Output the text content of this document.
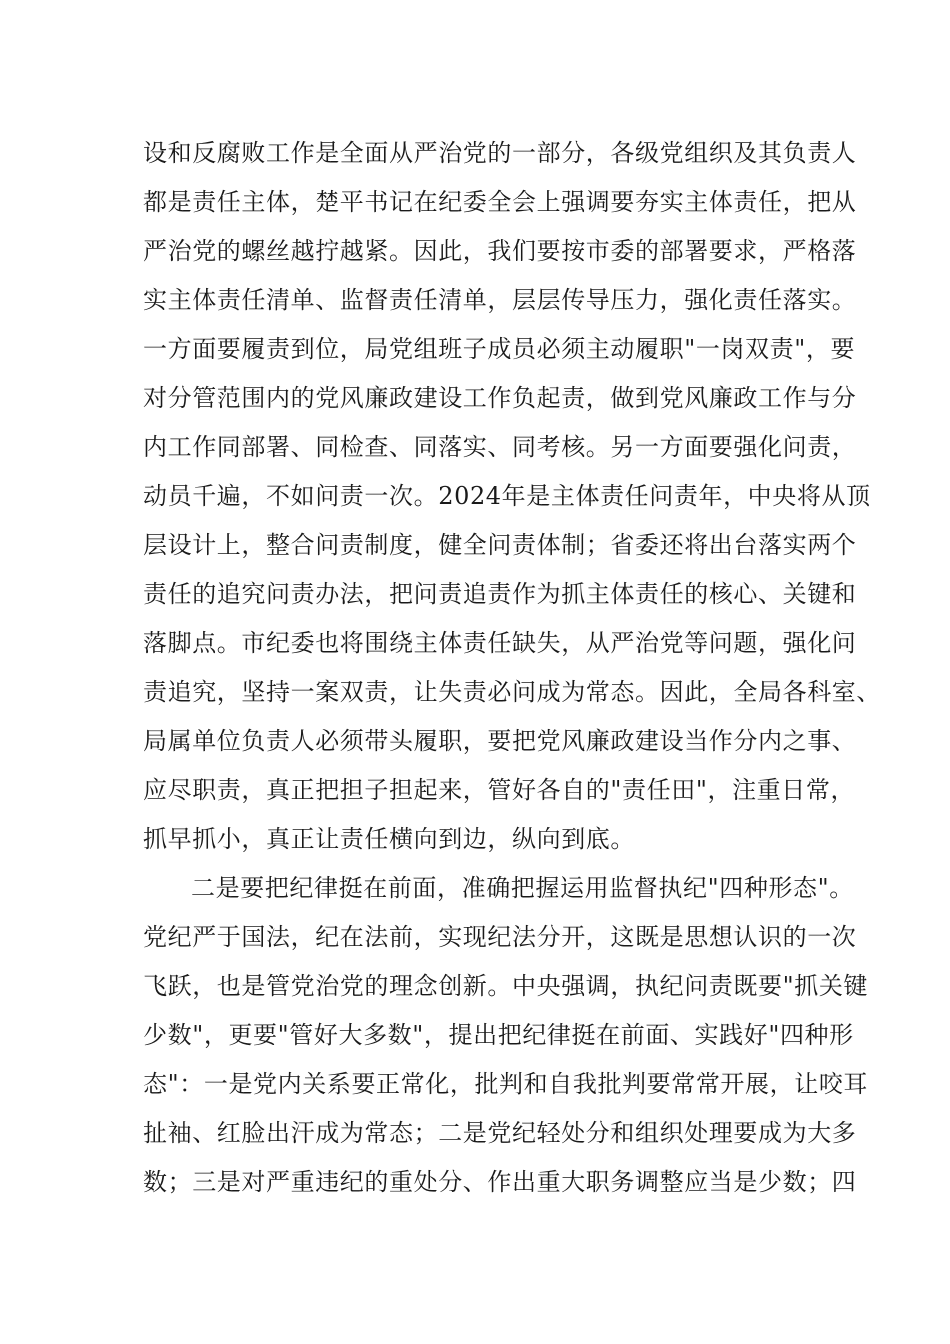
设和反腐败工作是全面从严治党的一部分，各级党组织及其负责人
都是责任主体，楚平书记在纪委全会上强调要夯实主体责任，把从
严治党的螺丝越拧越紧。因此，我们要按市委的部署要求，严格落
实主体责任清单、监督责任清单，层层传导压力，强化责任落实。
一方面要履责到位，局党组班子成员必须主动履职"一岗双责"，要
对分管范围内的党风廉政建设工作负起责，做到党风廉政工作与分
内工作同部署、同检查、同落实、同考核。另一方面要强化问责，
动员千遍，不如问责一次。2024年是主体责任问责年，中央将从顶
层设计上，整合问责制度，健全问责体制；省委还将出台落实两个
责任的追究问责办法，把问责追责作为抓主体责任的核心、关键和
落脚点。市纪委也将围绕主体责任缺失，从严治党等问题，强化问
责追究，坚持一案双责，让失责必问成为常态。因此，全局各科室、
局属单位负责人必须带头履职，要把党风廉政建设当作分内之事、
应尽职责，真正把担子担起来，管好各自的"责任田"，注重日常，
抓早抓小，真正让责任横向到边，纵向到底。
二是要把纪律挺在前面，准确把握运用监督执纪"四种形态"。
党纪严于国法，纪在法前，实现纪法分开，这既是思想认识的一次
飞跃，也是管党治党的理念创新。中央强调，执纪问责既要"抓关键
少数"，更要"管好大多数"，提出把纪律挺在前面、实践好"四种形
态"：一是党内关系要正常化，批判和自我批判要常常开展，让咬耳
扯袖、红脸出汗成为常态；二是党纪轻处分和组织处理要成为大多
数；三是对严重违纪的重处分、作出重大职务调整应当是少数；四
